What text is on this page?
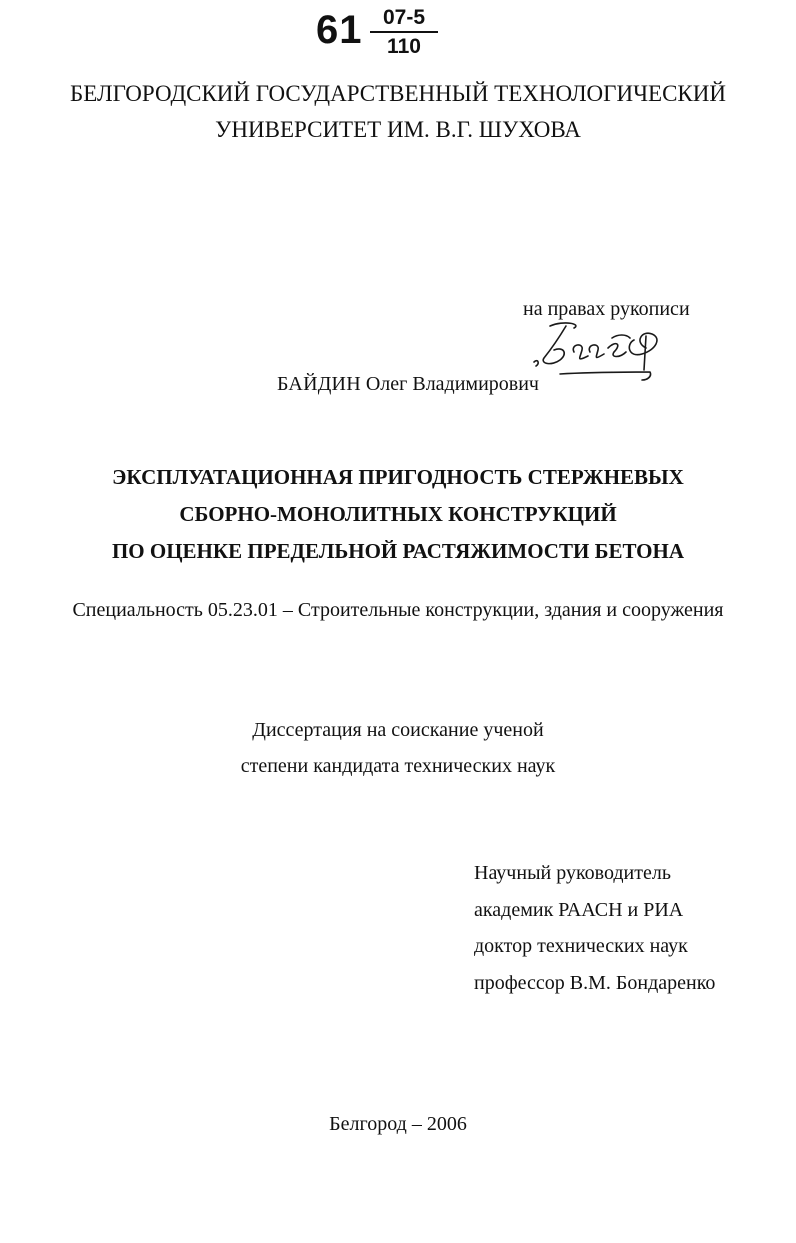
61 07-5
110
БЕЛГОРОДСКИЙ ГОСУДАРСТВЕННЫЙ ТЕХНОЛОГИЧЕСКИЙ
УНИВЕРСИТЕТ ИМ. В.Г. ШУХОВА
на правах рукописи
БАЙДИН Олег Владимирович
ЭКСПЛУАТАЦИОННАЯ ПРИГОДНОСТЬ СТЕРЖНЕВЫХ
СБОРНО-МОНОЛИТНЫХ КОНСТРУКЦИЙ
ПО ОЦЕНКЕ ПРЕДЕЛЬНОЙ РАСТЯЖИМОСТИ БЕТОНА
Специальность 05.23.01 – Строительные конструкции, здания и сооружения
Диссертация на соискание ученой
степени кандидата технических наук
Научный руководитель
академик РААСН и РИА
доктор технических наук
профессор В.М. Бондаренко
Белгород – 2006
